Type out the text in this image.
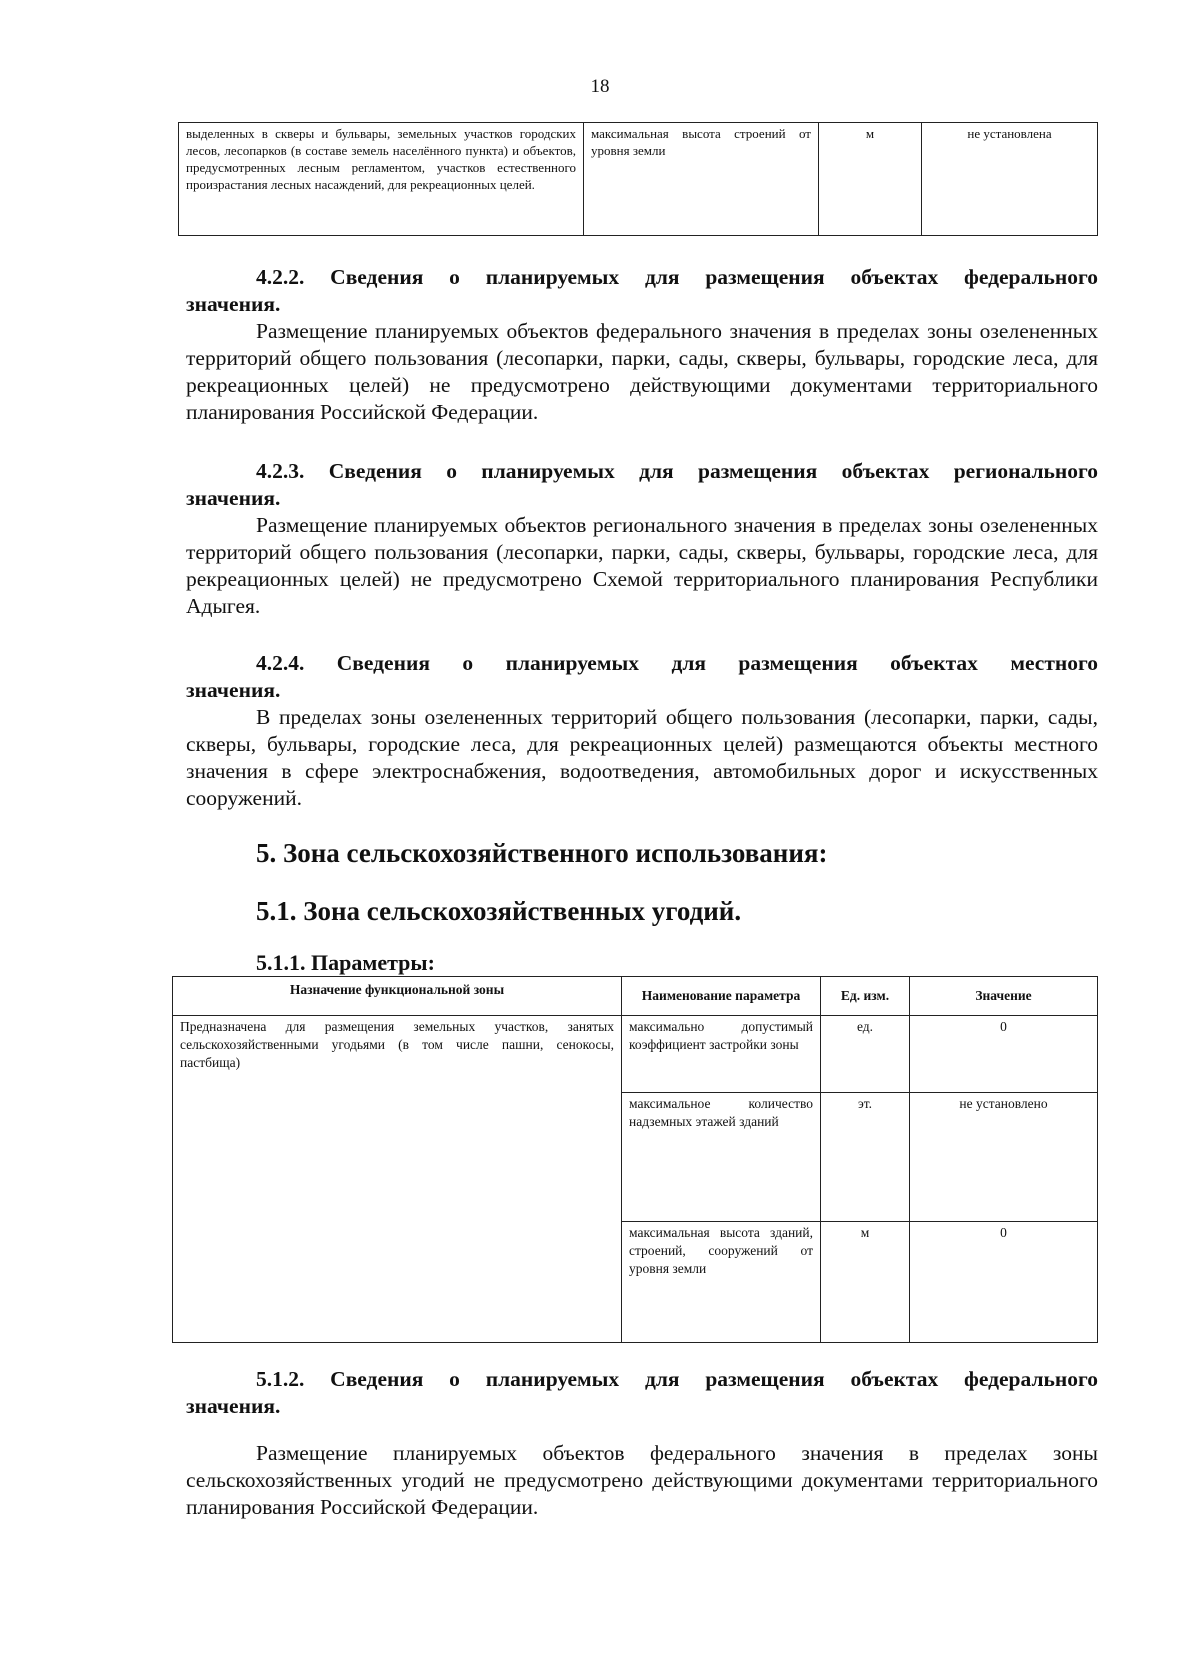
18
выделенных в скверы и бульвары, земельных участков городских лесов, лесопарков (в составе земель населённого пункта) и объектов, предусмотренных лесным регламентом, участков естественного произрастания лесных насаждений, для рекреационных целей.	максимальная высота строений от уровня земли	м	не установлена
4.2.2. Сведения о планируемых для размещения объектах федерального
значения.
Размещение планируемых объектов федерального значения в пределах зоны озелененных территорий общего пользования (лесопарки, парки, сады, скверы, бульвары, городские леса, для рекреационных целей) не предусмотрено действующими документами территориального планирования Российской Федерации.
4.2.3. Сведения о планируемых для размещения объектах регионального
значения.
Размещение планируемых объектов регионального значения в пределах зоны озелененных территорий общего пользования (лесопарки, парки, сады, скверы, бульвары, городские леса, для рекреационных целей) не предусмотрено Схемой территориального планирования Республики Адыгея.
4.2.4. Сведения о планируемых для размещения объектах местного
значения.
В пределах зоны озелененных территорий общего пользования (лесопарки, парки, сады, скверы, бульвары, городские леса, для рекреационных целей) размещаются объекты местного значения в сфере электроснабжения, водоотведения, автомобильных дорог и искусственных сооружений.
5. Зона сельскохозяйственного использования:
5.1. Зона сельскохозяйственных угодий.
5.1.1. Параметры:
Назначение функциональной зоны	Наименование параметра	Ед. изм.	Значение
Предназначена для размещения земельных участков, занятых сельскохозяйственными угодьями (в том числе пашни, сенокосы, пастбища)	максимально допустимый коэффициент застройки зоны	ед.	0
	максимальное количество надземных этажей зданий	эт.	не установлено
	максимальная высота зданий, строений, сооружений от уровня земли	м	0
5.1.2. Сведения о планируемых для размещения объектах федерального
значения.
Размещение планируемых объектов федерального значения в пределах зоны сельскохозяйственных угодий не предусмотрено действующими документами территориального планирования Российской Федерации.
